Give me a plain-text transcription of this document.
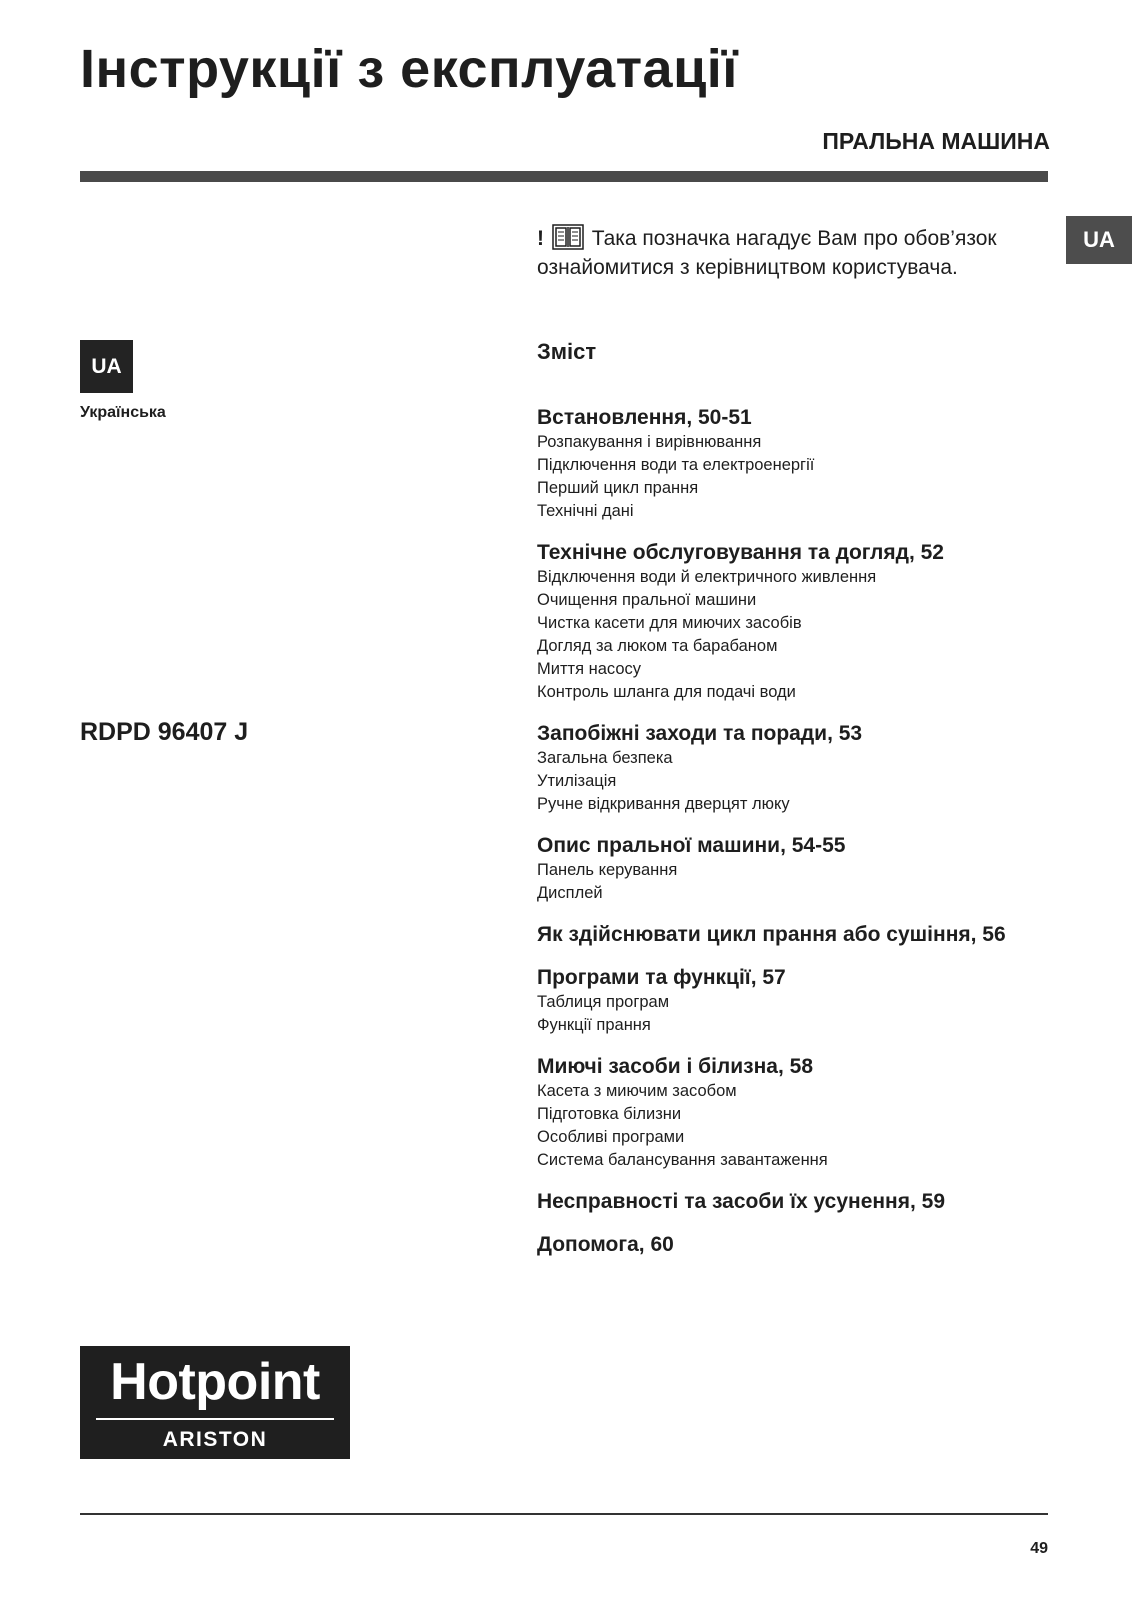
Інструкції з експлуатації
ПРАЛЬНА МАШИНА
UA
UA
Українська
RDPD 96407 J
! Така позначка нагадує Вам про обов’язок ознайомитися з керівництвом користувача.
Зміст
Встановлення, 50-51
Розпакування і вирівнювання
Підключення води та електроенергії
Перший цикл прання
Технічні дані
Технічне обслуговування та догляд, 52
Відключення води й електричного живлення
Очищення пральної машини
Чистка касети для миючих засобів
Догляд за люком та барабаном
Миття насосу
Контроль шланга для подачі води
Запобіжні заходи та поради, 53
Загальна безпека
Утилізація
Ручне відкривання дверцят люку
Опис пральної машини, 54-55
Панель керування
Дисплей
Як здійснювати цикл прання або сушіння, 56
Програми та функції, 57
Таблиця програм
Функції прання
Миючі засоби і білизна, 58
Касета з миючим засобом
Підготовка білизни
Особливі програми
Система балансування завантаження
Несправності та засоби їх усунення, 59
Допомога, 60
Hotpoint
ARISTON
49
